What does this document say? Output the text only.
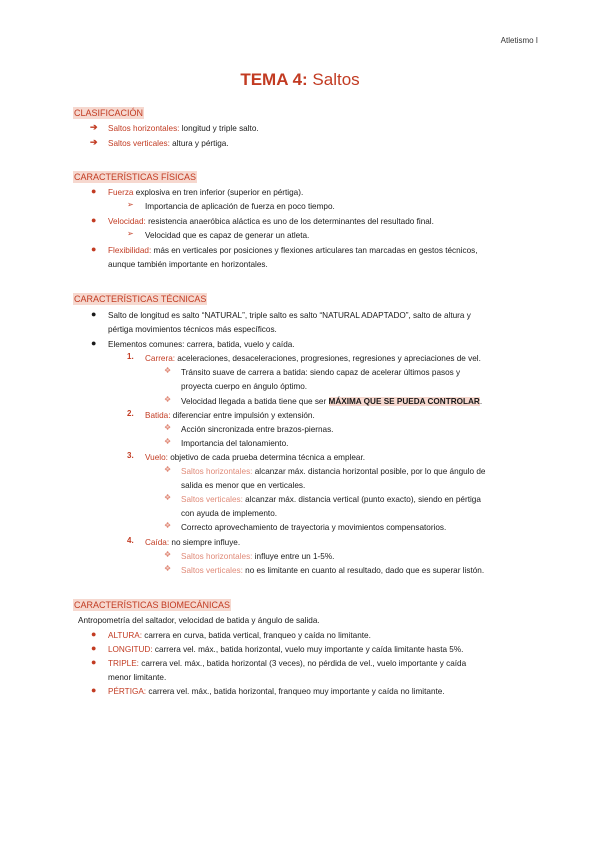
Atletismo I
TEMA 4: Saltos
CLASIFICACIÓN
➔ Saltos horizontales: longitud y triple salto.
➔ Saltos verticales: altura y pértiga.
CARACTERÍSTICAS FÍSICAS
● Fuerza explosiva en tren inferior (superior en pértiga).
➢ Importancia de aplicación de fuerza en poco tiempo.
● Velocidad: resistencia anaeróbica aláctica es uno de los determinantes del resultado final.
➢ Velocidad que es capaz de generar un atleta.
● Flexibilidad: más en verticales por posiciones y flexiones articulares tan marcadas en gestos técnicos,
aunque también importante en horizontales.
CARACTERÍSTICAS TÉCNICAS
● Salto de longitud es salto “NATURAL”, triple salto es salto “NATURAL ADAPTADO”, salto de altura y
pértiga movimientos técnicos más específicos.
● Elementos comunes: carrera, batida, vuelo y caída.
1. Carrera: aceleraciones, desaceleraciones, progresiones, regresiones y apreciaciones de vel.
❖ Tránsito suave de carrera a batida: siendo capaz de acelerar últimos pasos y
proyecta cuerpo en ángulo óptimo.
❖ Velocidad llegada a batida tiene que ser MÁXIMA QUE SE PUEDA CONTROLAR.
2. Batida: diferenciar entre impulsión y extensión.
❖ Acción sincronizada entre brazos-piernas.
❖ Importancia del talonamiento.
3. Vuelo: objetivo de cada prueba determina técnica a emplear.
❖ Saltos horizontales: alcanzar máx. distancia horizontal posible, por lo que ángulo de
salida es menor que en verticales.
❖ Saltos verticales: alcanzar máx. distancia vertical (punto exacto), siendo en pértiga
con ayuda de implemento.
❖ Correcto aprovechamiento de trayectoria y movimientos compensatorios.
4. Caída: no siempre influye.
❖ Saltos horizontales: influye entre un 1-5%.
❖ Saltos verticales: no es limitante en cuanto al resultado, dado que es superar listón.
CARACTERÍSTICAS BIOMECÁNICAS
Antropometría del saltador, velocidad de batida y ángulo de salida.
● ALTURA: carrera en curva, batida vertical, franqueo y caída no limitante.
● LONGITUD: carrera vel. máx., batida horizontal, vuelo muy importante y caída limitante hasta 5%.
● TRIPLE: carrera vel. máx., batida horizontal (3 veces), no pérdida de vel., vuelo importante y caída
menor limitante.
● PÉRTIGA: carrera vel. máx., batida horizontal, franqueo muy importante y caída no limitante.
